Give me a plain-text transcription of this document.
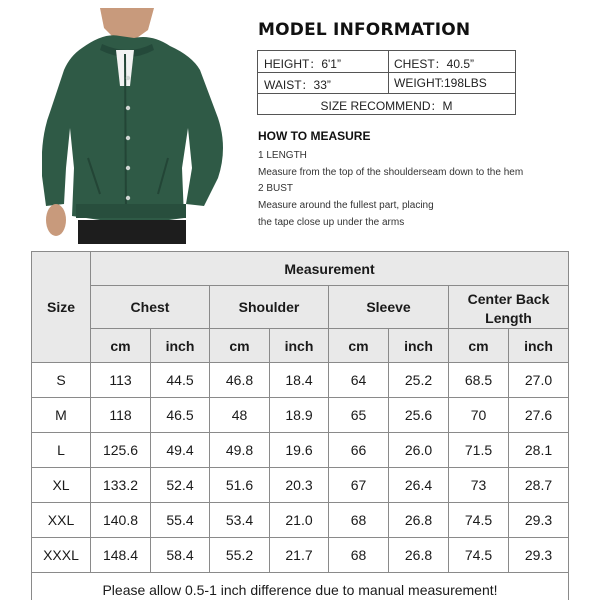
MODEL INFORMATION
HEIGHT：6'1”	CHEST：40.5”
WAIST：33”	WEIGHT:198LBS
SIZE RECOMMEND：M
HOW TO MEASURE
1 LENGTH
Measure from the top of the shoulderseam down to the hem
2 BUST
Measure around the fullest part, placing
the tape close up under the arms
Size	Measurement							
	Chest		Shoulder		Sleeve		Center Back Length	
	cm	inch	cm	inch	cm	inch	cm	inch
S	113	44.5	46.8	18.4	64	25.2	68.5	27.0
M	118	46.5	48	18.9	65	25.6	70	27.6
L	125.6	49.4	49.8	19.6	66	26.0	71.5	28.1
XL	133.2	52.4	51.6	20.3	67	26.4	73	28.7
XXL	140.8	55.4	53.4	21.0	68	26.8	74.5	29.3
XXXL	148.4	58.4	55.2	21.7	68	26.8	74.5	29.3
Please allow 0.5-1 inch difference due to manual measurement!								
